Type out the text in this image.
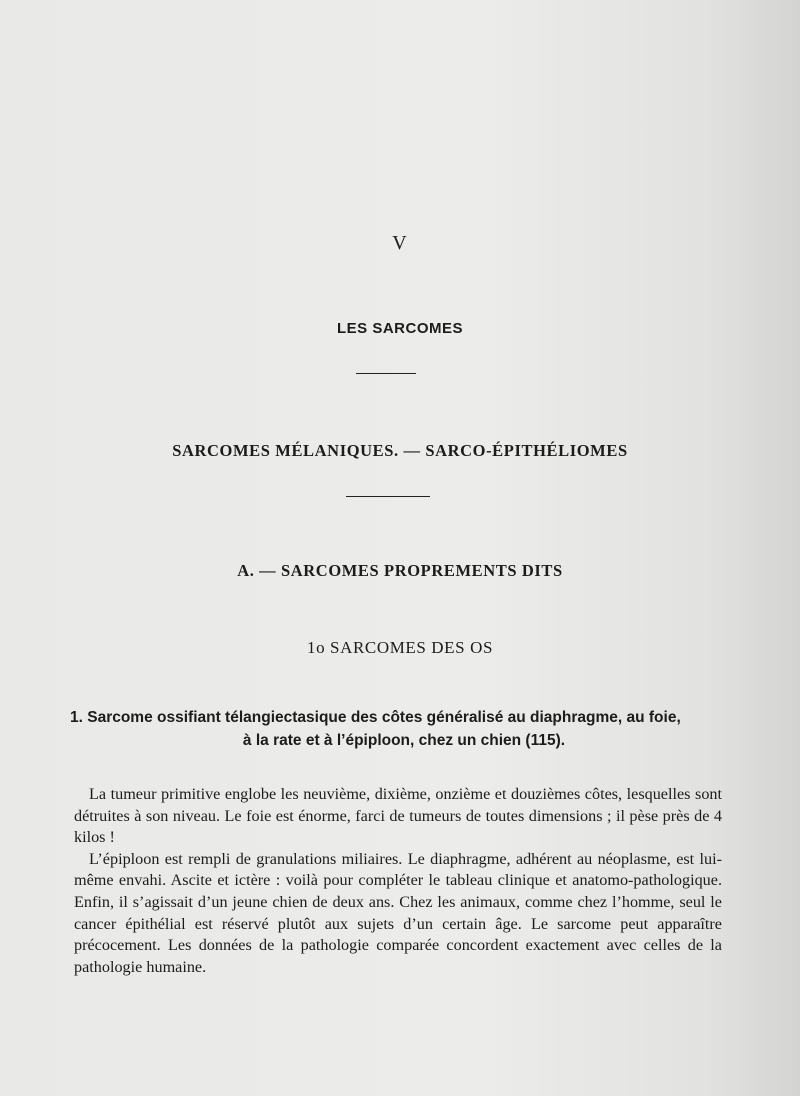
V
LES SARCOMES
SARCOMES MÉLANIQUES. — SARCO-ÉPITHÉLIOMES
A. — SARCOMES PROPREMENTS DITS
1o SARCOMES DES OS
1. Sarcome ossifiant télangiectasique des côtes généralisé au diaphragme, au foie,
à la rate et à l’épiploon, chez un chien (115).

La tumeur primitive englobe les neuvième, dixième, onzième et douzièmes côtes, lesquelles sont détruites à son niveau. Le foie est énorme, farci de tumeurs de toutes dimensions ; il pèse près de 4 kilos !

L’épiploon est rempli de granulations miliaires. Le diaphragme, adhérent au néoplasme, est lui-même envahi. Ascite et ictère : voilà pour compléter le tableau clinique et anatomo-pathologique. Enfin, il s’agissait d’un jeune chien de deux ans. Chez les animaux, comme chez l’homme, seul le cancer épithélial est réservé plutôt aux sujets d’un certain âge. Le sarcome peut apparaître précocement. Les données de la pathologie comparée concordent exactement avec celles de la pathologie humaine.
